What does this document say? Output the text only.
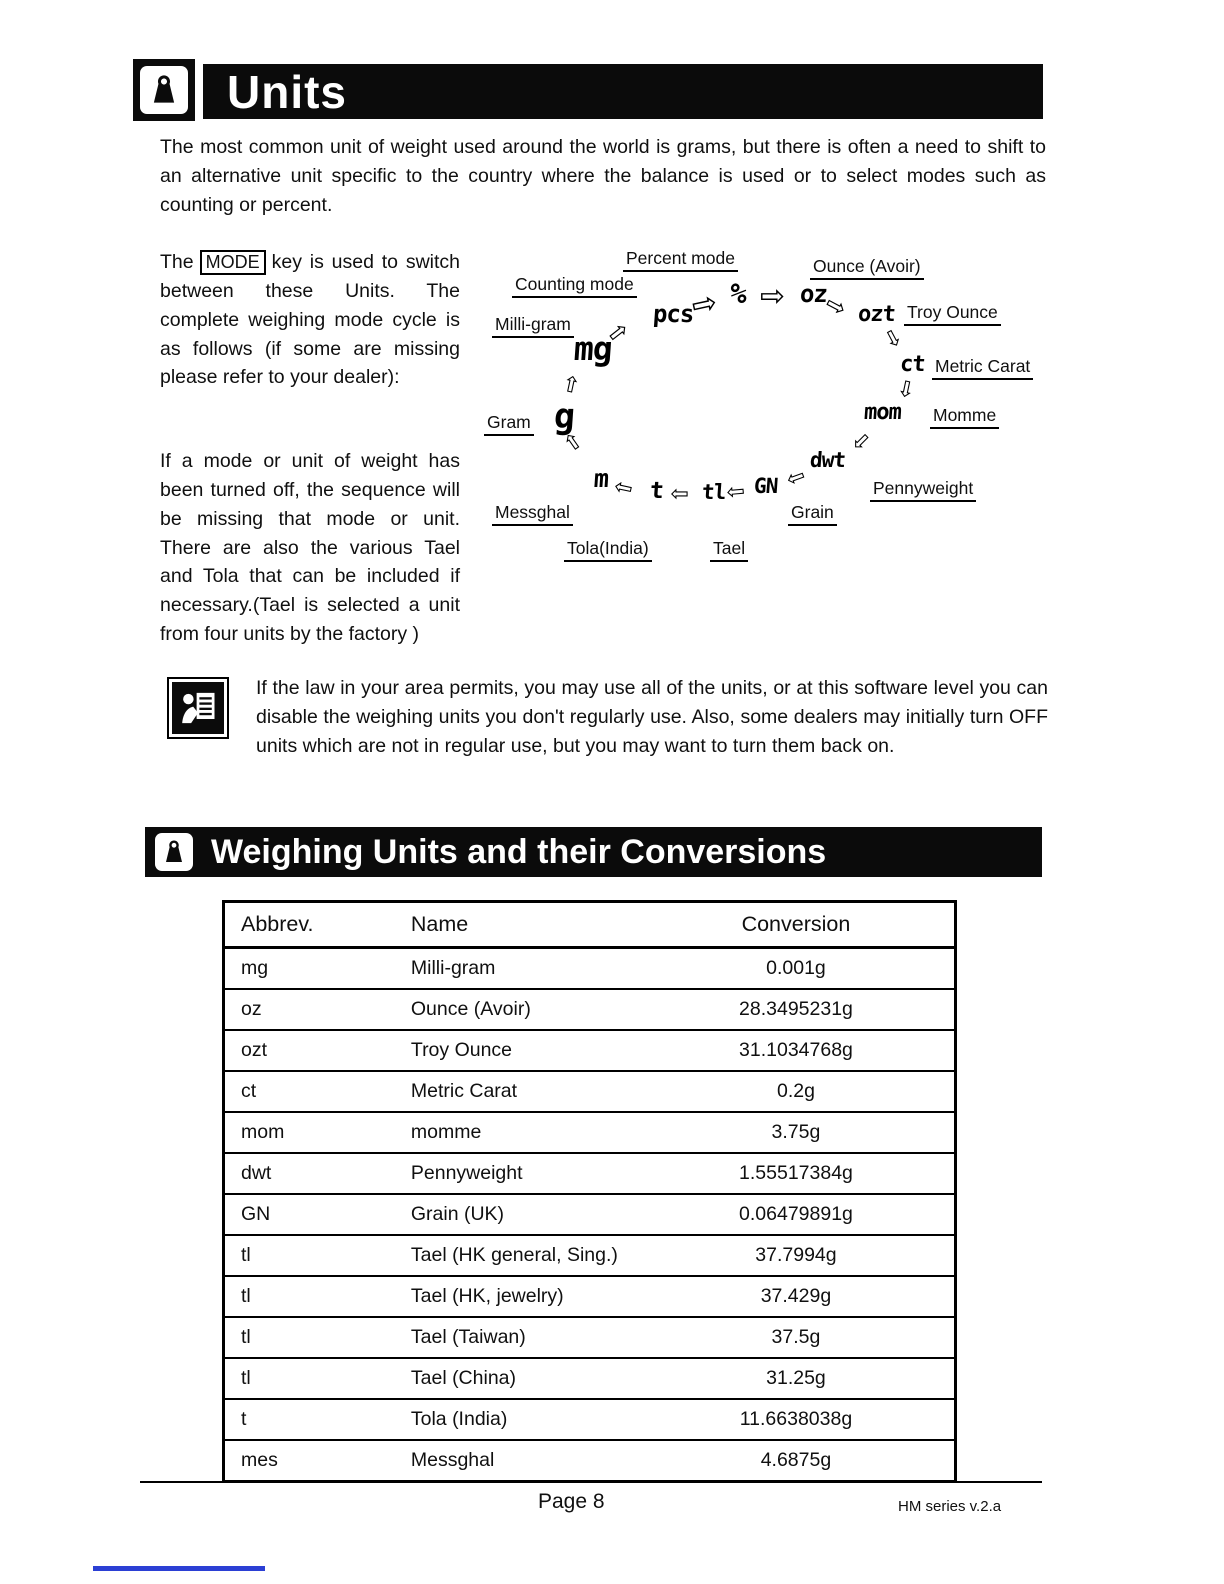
Units

The most common unit of weight used around the world is grams, but there is often a need to shift to an alternative unit specific to the country where the balance is used or to select modes such as counting or percent.

The MODE key is used to switch between these Units. The complete weighing mode cycle is as follows (if some are missing please refer to your dealer):

If a mode or unit of weight has been turned off, the sequence will be missing that mode or unit. There are also the various Tael and Tola that can be included if necessary.(Tael is selected a unit from four units by the factory )

pcs
% oz
ozt
ct
mom
dwt
GN
tl
t
m
g
mg
Counting mode
Percent mode	Ounce (Avoir)
Troy Ounce
Metric Carat
Momme
Pennyweight
Grain
Tael
Tola(India)
Messghal
Gram
Milli-gram
⇨
⇨
⇨ ⇨ ⇨
⇨
⇨
⇨
⇨
⇨
⇨
⇨
⇨

If the law in your area permits, you may use all of the units, or at this software level you can disable the weighing units you don't regularly use. Also, some dealers may initially turn OFF units which are not in regular use, but you may want to turn them back on.

Weighing Units and their Conversions
Abbrev.	Name	Conversion
mg	Milli-gram	0.001g
oz	Ounce (Avoir)	28.3495231g
ozt	Troy Ounce	31.1034768g
ct	Metric Carat	0.2g
mom	momme	3.75g
dwt	Pennyweight	1.55517384g
GN	Grain (UK)	0.06479891g
tl	Tael (HK general, Sing.)	37.7994g
tl	Tael (HK, jewelry)	37.429g
tl	Tael (Taiwan)	37.5g
tl	Tael (China)	31.25g
t	Tola (India)	11.6638038g
mes	Messghal	4.6875g
Page 8	HM series v.2.a
